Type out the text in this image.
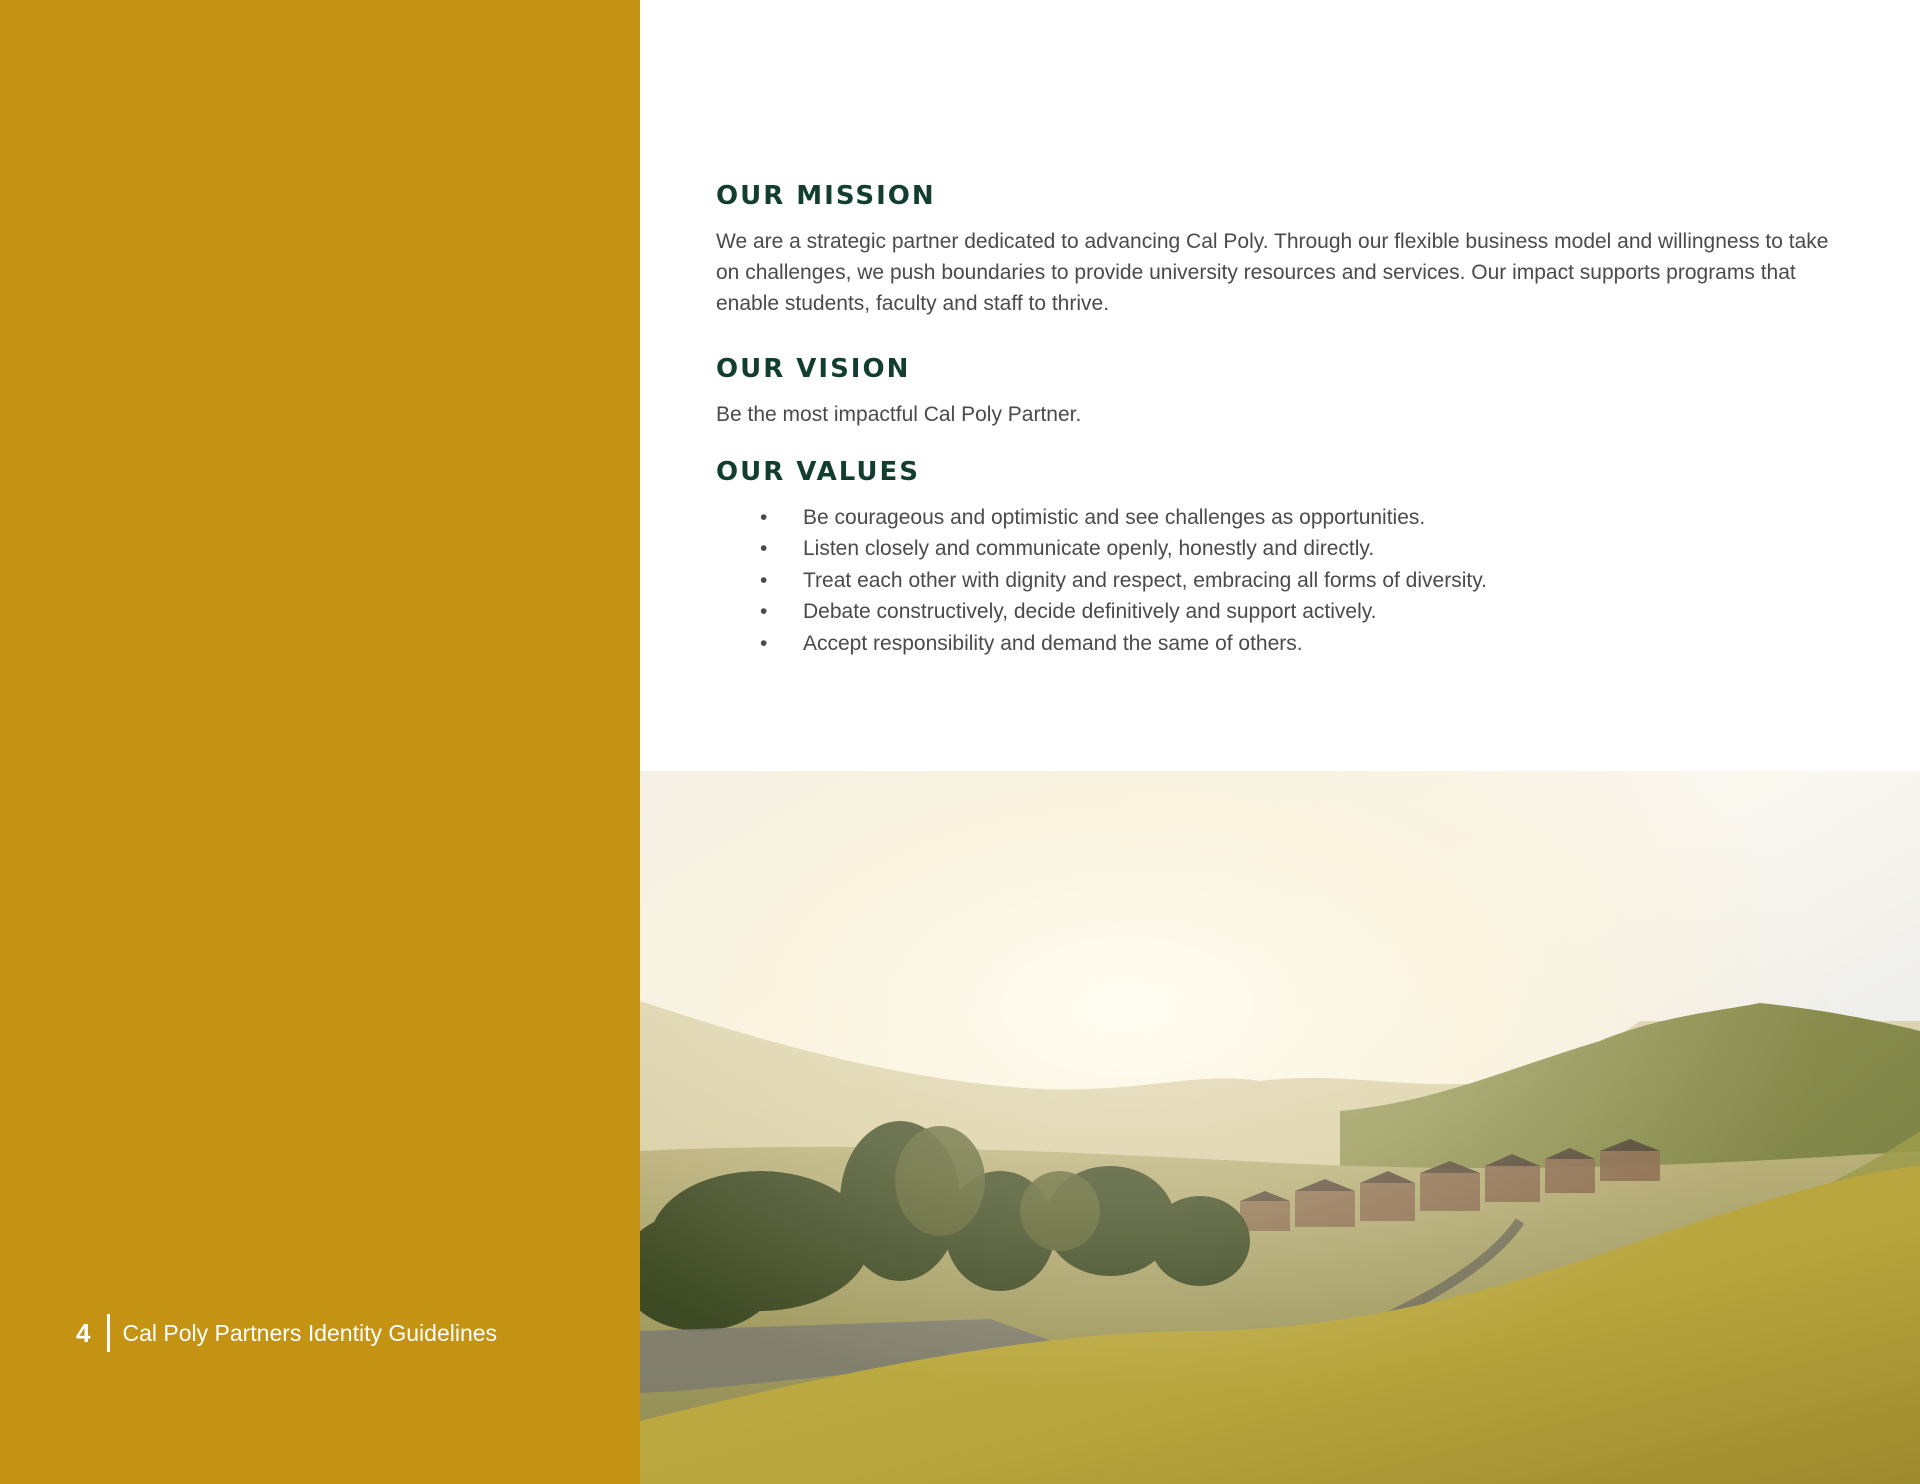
4 Cal Poly Partners Identity Guidelines
OUR MISSION

We are a strategic partner dedicated to advancing Cal Poly. Through our flexible business model and willingness to take on challenges, we push boundaries to provide university resources and services. Our impact supports programs that enable students, faculty and staff to thrive.

OUR VISION

Be the most impactful Cal Poly Partner.

OUR VALUES
• Be courageous and optimistic and see challenges as opportunities.
• Listen closely and communicate openly, honestly and directly.
• Treat each other with dignity and respect, embracing all forms of diversity.
• Debate constructively, decide definitively and support actively.
• Accept responsibility and demand the same of others.
